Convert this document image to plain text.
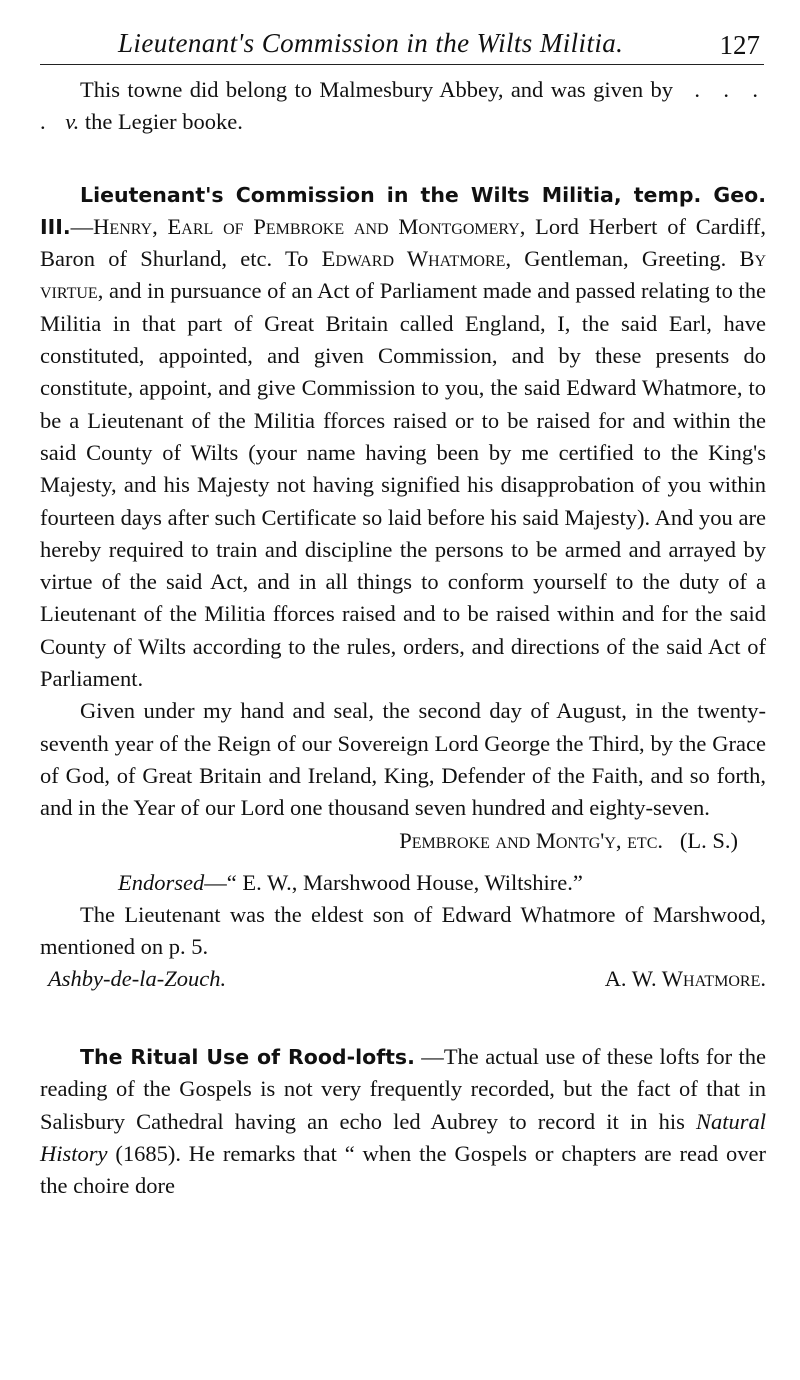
Lieutenant's Commission in the Wilts Militia.	127

This towne did belong to Malmesbury Abbey, and was given by . . . . v. the Legier booke.

Lieutenant's Commission in the Wilts Militia, temp. Geo. III.—Henry, Earl of Pembroke and Montgomery, Lord Herbert of Cardiff, Baron of Shurland, etc. To Edward Whatmore, Gentleman, Greeting. By virtue, and in pursuance of an Act of Parliament made and passed relating to the Militia in that part of Great Britain called England, I, the said Earl, have constituted, appointed, and given Commission, and by these presents do constitute, appoint, and give Commission to you, the said Edward Whatmore, to be a Lieutenant of the Militia fforces raised or to be raised for and within the said County of Wilts (your name having been by me certified to the King's Majesty, and his Majesty not having signified his disapprobation of you within fourteen days after such Certificate so laid before his said Majesty). And you are hereby required to train and discipline the persons to be armed and arrayed by virtue of the said Act, and in all things to conform yourself to the duty of a Lieutenant of the Militia fforces raised and to be raised within and for the said County of Wilts according to the rules, orders, and directions of the said Act of Parliament.

Given under my hand and seal, the second day of August, in the twenty-seventh year of the Reign of our Sovereign Lord George the Third, by the Grace of God, of Great Britain and Ireland, King, Defender of the Faith, and so forth, and in the Year of our Lord one thousand seven hundred and eighty-seven.

Pembroke and Montg'y, etc. (L. S.)
Endorsed—“ E. W., Marshwood House, Wiltshire.”

The Lieutenant was the eldest son of Edward Whatmore of Marshwood, mentioned on p. 5.

Ashby-de-la-Zouch.	A. W. Whatmore.

The Ritual Use of Rood-lofts. —The actual use of these lofts for the reading of the Gospels is not very frequently recorded, but the fact of that in Salisbury Cathedral having an echo led Aubrey to record it in his Natural History (1685). He remarks that “ when the Gospels or chapters are read over the choire dore
